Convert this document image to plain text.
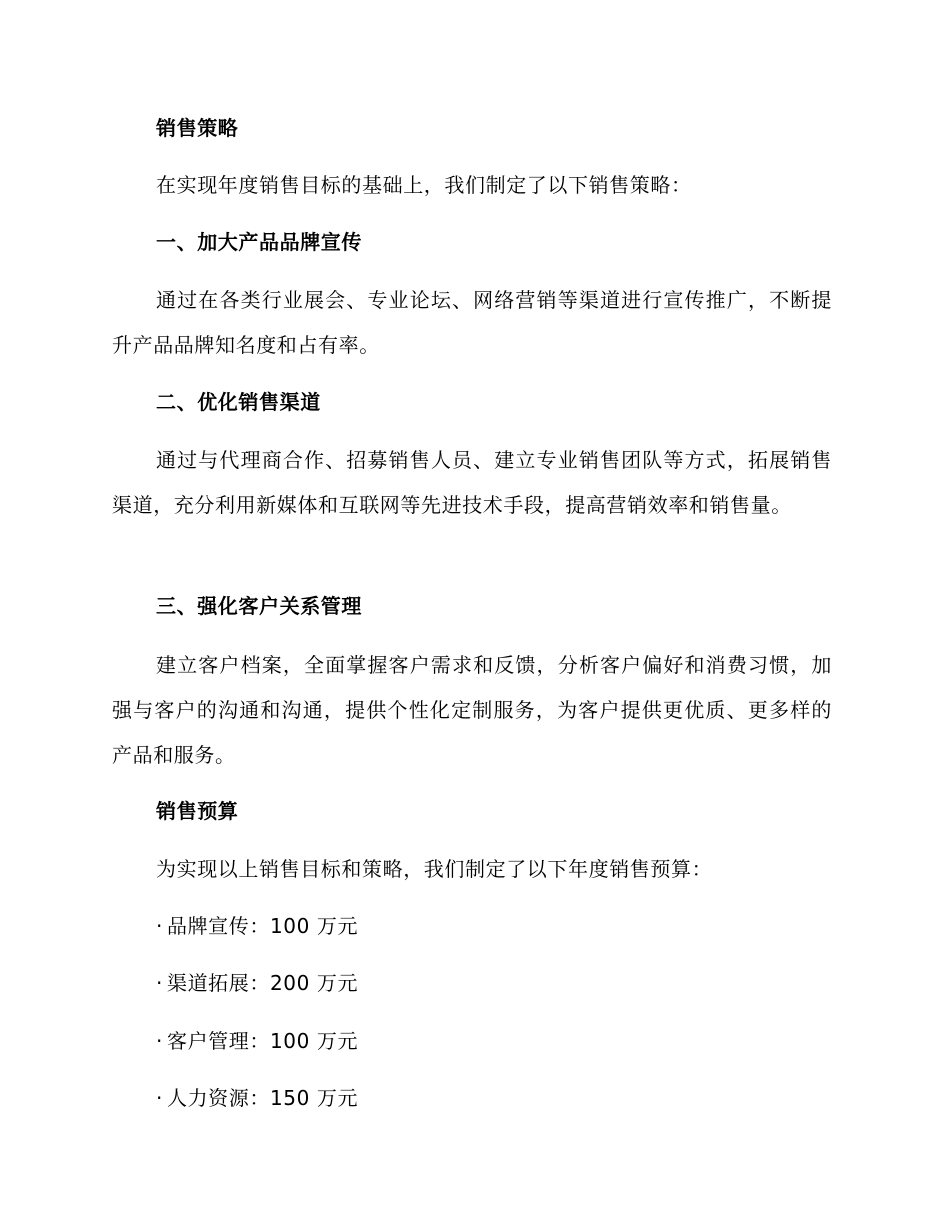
销售策略

在实现年度销售目标的基础上，我们制定了以下销售策略：

一、加大产品品牌宣传

通过在各类行业展会、专业论坛、网络营销等渠道进行宣传推广，不断提升产品品牌知名度和占有率。

二、优化销售渠道

通过与代理商合作、招募销售人员、建立专业销售团队等方式，拓展销售渠道，充分利用新媒体和互联网等先进技术手段，提高营销效率和销售量。

三、强化客户关系管理

建立客户档案，全面掌握客户需求和反馈，分析客户偏好和消费习惯，加强与客户的沟通和沟通，提供个性化定制服务，为客户提供更优质、更多样的产品和服务。

销售预算

为实现以上销售目标和策略，我们制定了以下年度销售预算：

· 品牌宣传：100 万元

· 渠道拓展：200 万元

· 客户管理：100 万元

· 人力资源：150 万元
